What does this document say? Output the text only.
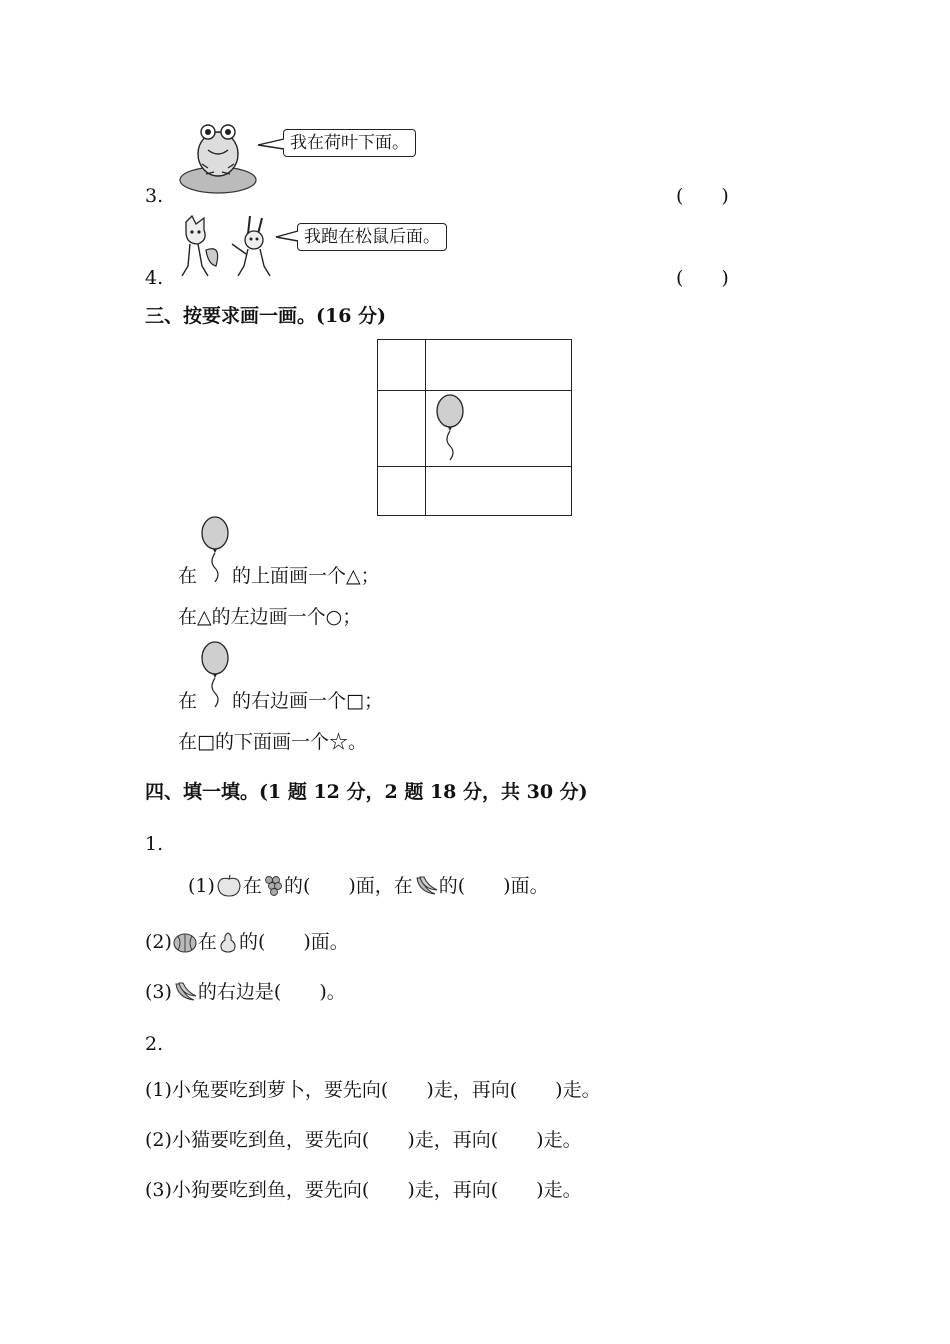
我在荷叶下面。
3.	(　　)
我跑在松鼠后面。
4.	(　　)
三、按要求画一画。(16 分)
在 的上面画一个△；
在△的左边画一个○；
在 的右边画一个□；
在□的下面画一个☆。
四、填一填。(1 题 12 分，2 题 18 分，共 30 分)
1.
(1) 在 的(　　)面，在 的(　　)面。
(2) 在 的(　　)面。
(3) 的右边是(　　)。
2.
(1)小兔要吃到萝卜，要先向(　　)走，再向(　　)走。
(2)小猫要吃到鱼，要先向(　　)走，再向(　　)走。
(3)小狗要吃到鱼，要先向(　　)走，再向(　　)走。
